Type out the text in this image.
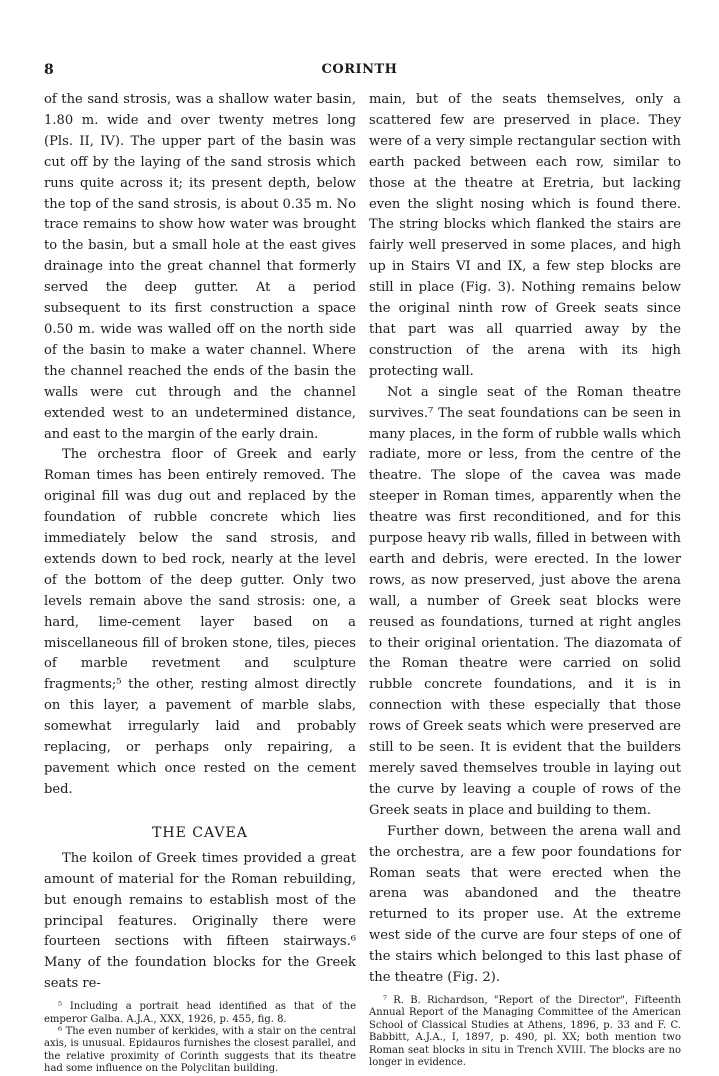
8	CORINTH

of the sand strosis, was a shallow water basin, 1.80 m. wide and over twenty metres long (Pls. II, IV). The upper part of the basin was cut off by the laying of the sand strosis which runs quite across it; its present depth, below the top of the sand strosis, is about 0.35 m. No trace remains to show how water was brought to the basin, but a small hole at the east gives drainage into the great channel that formerly served the deep gutter. At a period subsequent to its first construction a space 0.50 m. wide was walled off on the north side of the basin to make a water channel. Where the channel reached the ends of the basin the walls were cut through and the channel extended west to an undetermined distance, and east to the margin of the early drain.

The orchestra floor of Greek and early Roman times has been entirely removed. The original fill was dug out and replaced by the foundation of rubble concrete which lies immediately below the sand strosis, and extends down to bed rock, nearly at the level of the bottom of the deep gutter. Only two levels remain above the sand strosis: one, a hard, lime-cement layer based on a miscellaneous fill of broken stone, tiles, pieces of marble revetment and sculpture fragments;⁵ the other, resting almost directly on this layer, a pavement of marble slabs, somewhat irregularly laid and probably replacing, or perhaps only repairing, a pavement which once rested on the cement bed.

THE CAVEA

The koilon of Greek times provided a great amount of material for the Roman rebuilding, but enough remains to establish most of the principal features. Originally there were fourteen sections with fifteen stairways.⁶ Many of the foundation blocks for the Greek seats re-

⁵ Including a portrait head identified as that of the emperor Galba. A.J.A., XXX, 1926, p. 455, fig. 8.

⁶ The even number of kerkides, with a stair on the central axis, is unusual. Epidauros furnishes the closest parallel, and the relative proximity of Corinth suggests that its theatre had some influence on the Polyclitan building.

main, but of the seats themselves, only a scattered few are preserved in place. They were of a very simple rectangular section with earth packed between each row, similar to those at the theatre at Eretria, but lacking even the slight nosing which is found there. The string blocks which flanked the stairs are fairly well preserved in some places, and high up in Stairs VI and IX, a few step blocks are still in place (Fig. 3). Nothing remains below the original ninth row of Greek seats since that part was all quarried away by the construction of the arena with its high protecting wall.

Not a single seat of the Roman theatre survives.⁷ The seat foundations can be seen in many places, in the form of rubble walls which radiate, more or less, from the centre of the theatre. The slope of the cavea was made steeper in Roman times, apparently when the theatre was first reconditioned, and for this purpose heavy rib walls, filled in between with earth and debris, were erected. In the lower rows, as now preserved, just above the arena wall, a number of Greek seat blocks were reused as foundations, turned at right angles to their original orientation. The diazomata of the Roman theatre were carried on solid rubble concrete foundations, and it is in connection with these especially that those rows of Greek seats which were preserved are still to be seen. It is evident that the builders merely saved themselves trouble in laying out the curve by leaving a couple of rows of the Greek seats in place and building to them.

Further down, between the arena wall and the orchestra, are a few poor foundations for Roman seats that were erected when the arena was abandoned and the theatre returned to its proper use. At the extreme west side of the curve are four steps of one of the stairs which belonged to this last phase of the theatre (Fig. 2).

⁷ R. B. Richardson, "Report of the Director", Fifteenth Annual Report of the Managing Committee of the American School of Classical Studies at Athens, 1896, p. 33 and F. C. Babbitt, A.J.A., I, 1897, p. 490, pl. XX; both mention two Roman seat blocks in situ in Trench XVIII. The blocks are no longer in evidence.
